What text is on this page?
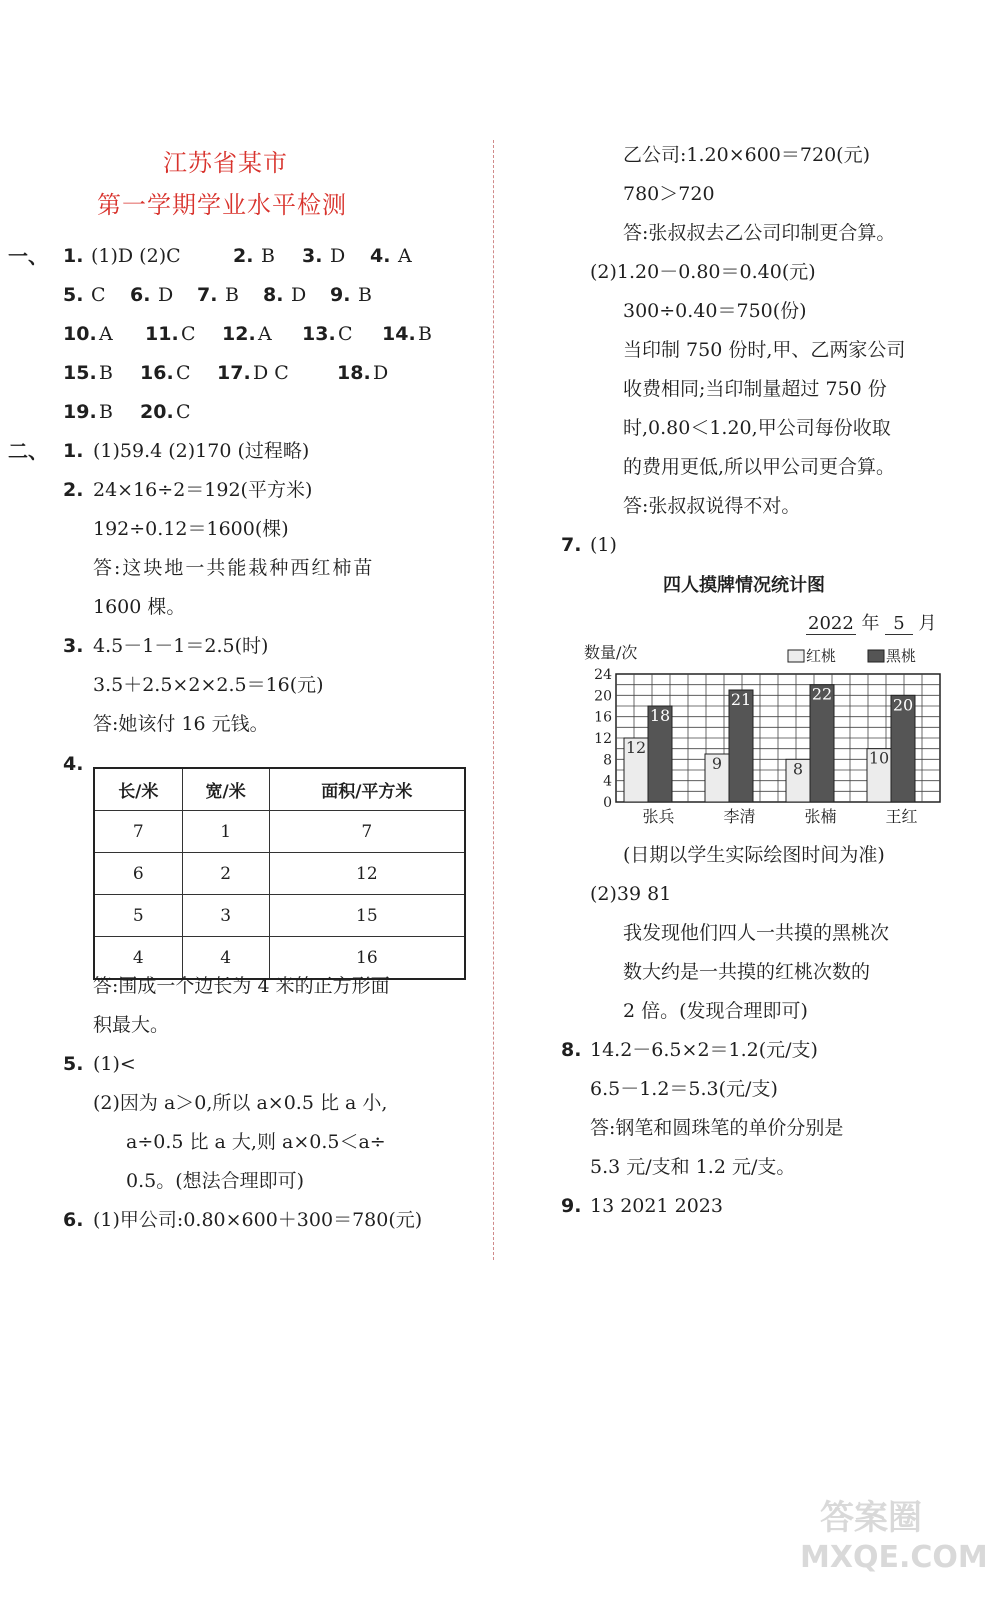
江苏省某市
第一学期学业水平检测
一、 1. (1)D (2)C	2. B 3. D 4. A
5. C 6. D 7. B 8. D 9. B
10. A 11. C 12. A 13. C 14. B
15. B 16. C 17. D C	18. D
19. B 20. C
二、 1. (1)59.4 (2)170 (过程略)
2. 24×16÷2＝192(平方米)
192÷0.12＝1600(棵)
答:这块地一共能栽种西红柿苗
1600 棵。
3. 4.5－1－1＝2.5(时)
3.5＋2.5×2×2.5＝16(元)
答:她该付 16 元钱。
4.
长/米	宽/米	面积/平方米
7	1	7
6	2	12
5	3	15
4	4	16
答:围成一个边长为 4 米的正方形面
积最大。
5. (1)<
(2)因为 a＞0,所以 a×0.5 比 a 小,
a÷0.5 比 a 大,则 a×0.5＜a÷
0.5。(想法合理即可)
6. (1)甲公司:0.80×600＋300＝780(元)
乙公司:1.20×600＝720(元)
780＞720
答:张叔叔去乙公司印制更合算。
(2)1.20－0.80＝0.40(元)
300÷0.40＝750(份)
当印制 750 份时,甲、乙两家公司
收费相同;当印制量超过 750 份
时,0.80＜1.20,甲公司每份收取
的费用更低,所以甲公司更合算。
答:张叔叔说得不对。
7. (1)
四人摸牌情况统计图
2022 年 5 月
0
4
8
12
16
20
24
数量/次
12
18
张兵
9
21
李清
8
22
张楠
10
20
王红
红桃	黑桃
(日期以学生实际绘图时间为准)
(2)39 81
我发现他们四人一共摸的黑桃次
数大约是一共摸的红桃次数的
2 倍。(发现合理即可)
8. 14.2－6.5×2＝1.2(元/支)
6.5－1.2＝5.3(元/支)
答:钢笔和圆珠笔的单价分别是
5.3 元/支和 1.2 元/支。
9. 13 2021 2023
答案圈
MXQE.COM
